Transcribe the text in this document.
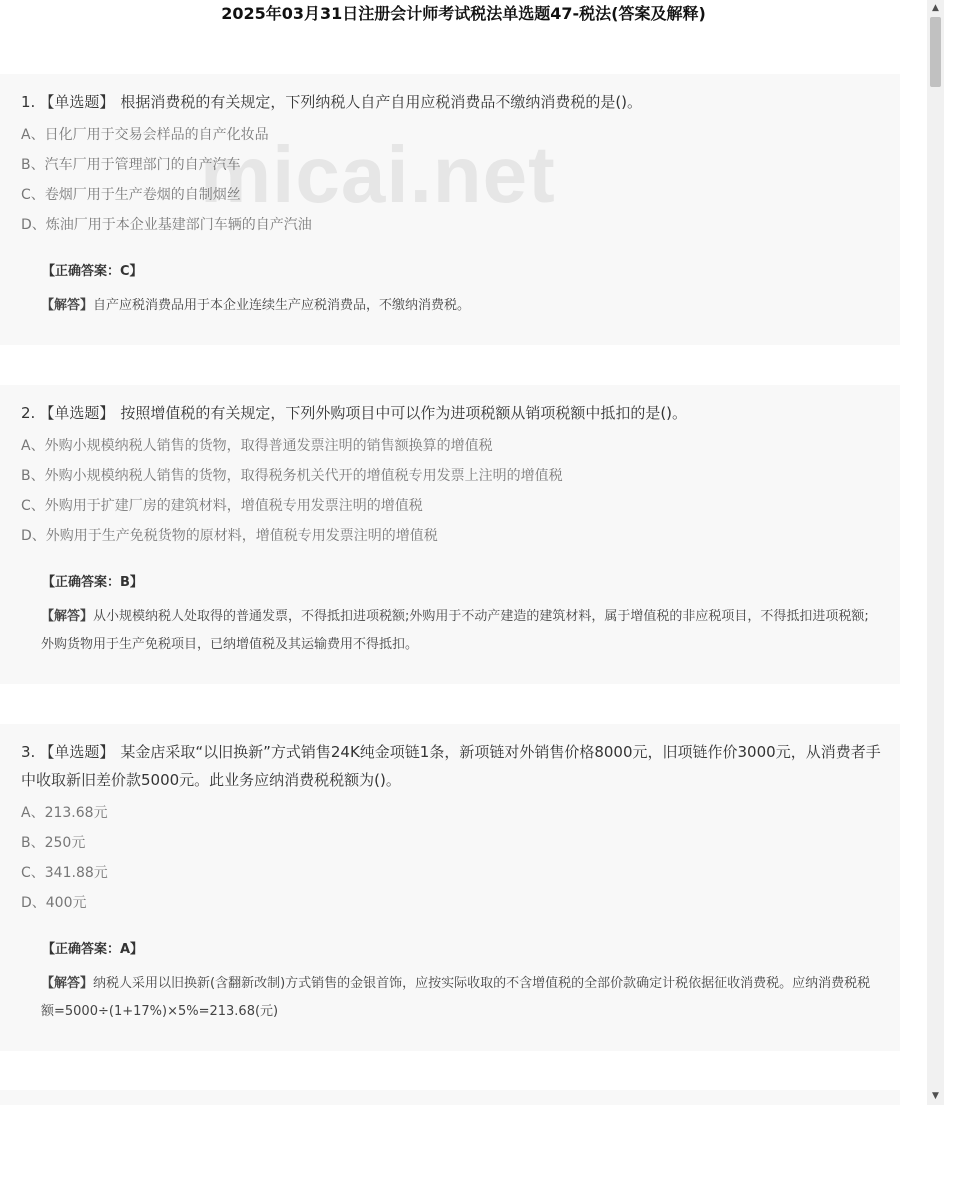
2025年03月31日注册会计师考试税法单选题47-税法(答案及解释)
1. 【单选题】 根据消费税的有关规定，下列纳税人自产自用应税消费品不缴纳消费税的是()。
A、日化厂用于交易会样品的自产化妆品
B、汽车厂用于管理部门的自产汽车
C、卷烟厂用于生产卷烟的自制烟丝
D、炼油厂用于本企业基建部门车辆的自产汽油
【正确答案：C】
【解答】自产应税消费品用于本企业连续生产应税消费品，不缴纳消费税。
2. 【单选题】 按照增值税的有关规定，下列外购项目中可以作为进项税额从销项税额中抵扣的是()。
A、外购小规模纳税人销售的货物，取得普通发票注明的销售额换算的增值税
B、外购小规模纳税人销售的货物，取得税务机关代开的增值税专用发票上注明的增值税
C、外购用于扩建厂房的建筑材料，增值税专用发票注明的增值税
D、外购用于生产免税货物的原材料，增值税专用发票注明的增值税
【正确答案：B】
【解答】从小规模纳税人处取得的普通发票，不得抵扣进项税额;外购用于不动产建造的建筑材料，属于增值税的非应税项目，不得抵扣进项税额;外购货物用于生产免税项目，已纳增值税及其运输费用不得抵扣。
3. 【单选题】 某金店采取“以旧换新”方式销售24K纯金项链1条，新项链对外销售价格8000元，旧项链作价3000元，从消费者手中收取新旧差价款5000元。此业务应纳消费税税额为()。
A、213.68元
B、250元
C、341.88元
D、400元
【正确答案：A】
【解答】纳税人采用以旧换新(含翻新改制)方式销售的金银首饰，应按实际收取的不含增值税的全部价款确定计税依据征收消费税。应纳消费税税额=5000÷(1+17%)×5%=213.68(元)
▲
▼
